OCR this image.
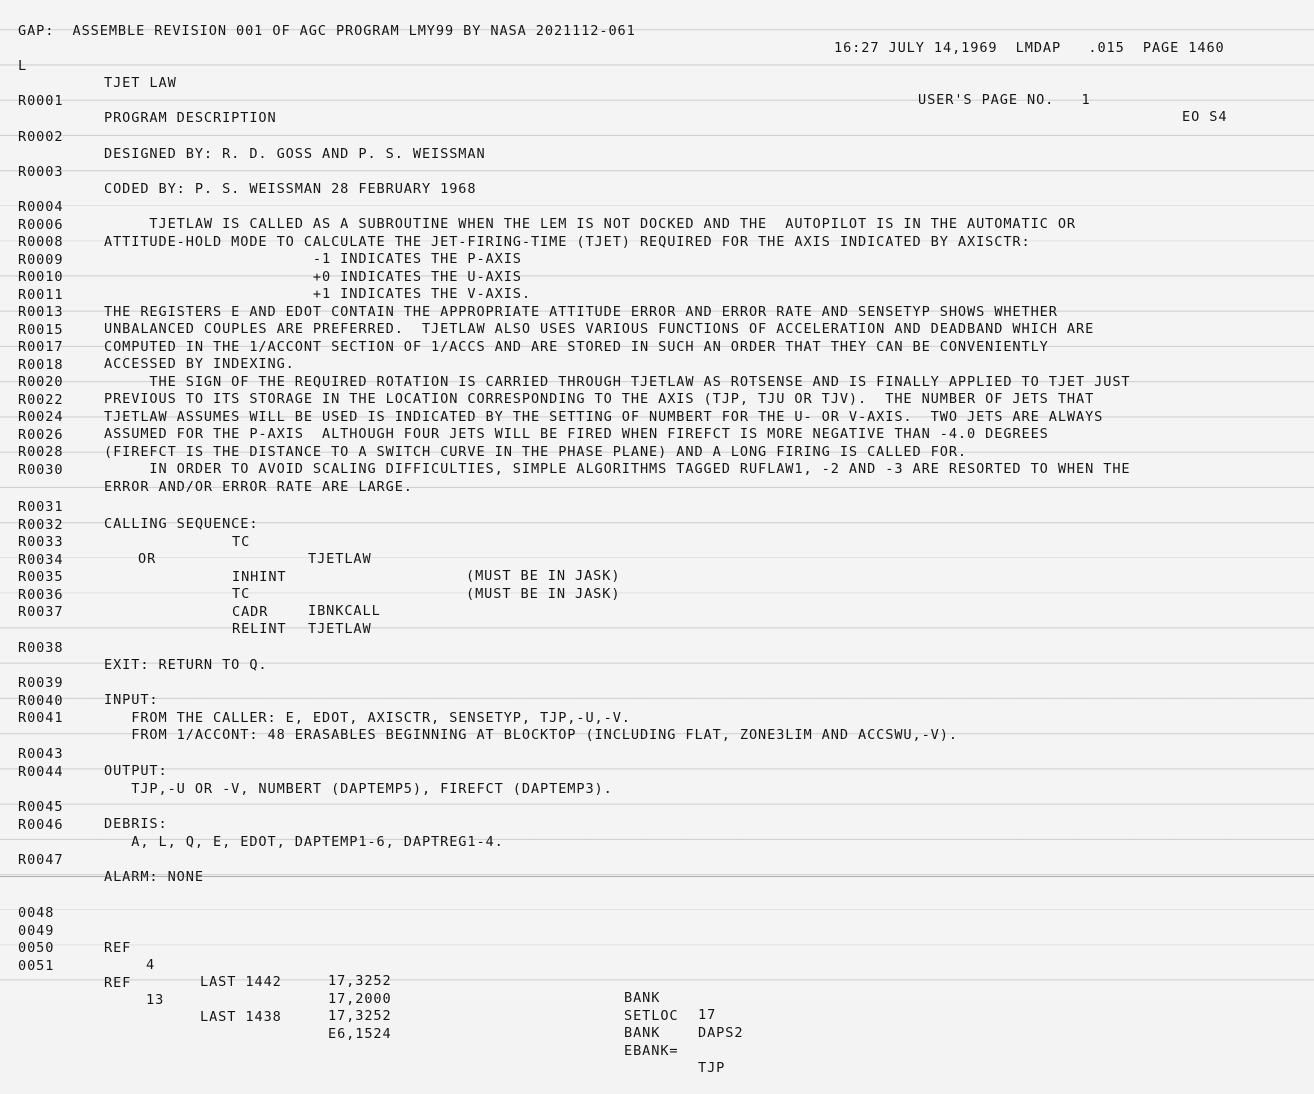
GAP:  ASSEMBLE REVISION 001 OF AGC PROGRAM LMY99 BY NASA 2021112-061

16:27 JULY 14,1969  LMDAP   .015  PAGE 1460

L

TJET LAW

USER'S PAGE NO.   1

EO S4

R0001

PROGRAM DESCRIPTION

R0002

DESIGNED BY: R. D. GOSS AND P. S. WEISSMAN

R0003

CODED BY: P. S. WEISSMAN 28 FEBRUARY 1968

R0004

TJETLAW IS CALLED AS A SUBROUTINE WHEN THE LEM IS NOT DOCKED AND THE  AUTOPILOT IS IN THE AUTOMATIC OR

R0006

ATTITUDE-HOLD MODE TO CALCULATE THE JET-FIRING-TIME (TJET) REQUIRED FOR THE AXIS INDICATED BY AXISCTR:

R0008

-1 INDICATES THE P-AXIS

R0009

+0 INDICATES THE U-AXIS

R0010

+1 INDICATES THE V-AXIS.

R0011

THE REGISTERS E AND EDOT CONTAIN THE APPROPRIATE ATTITUDE ERROR AND ERROR RATE AND SENSETYP SHOWS WHETHER

R0013

UNBALANCED COUPLES ARE PREFERRED.  TJETLAW ALSO USES VARIOUS FUNCTIONS OF ACCELERATION AND DEADBAND WHICH ARE

R0015

COMPUTED IN THE 1/ACCONT SECTION OF 1/ACCS AND ARE STORED IN SUCH AN ORDER THAT THEY CAN BE CONVENIENTLY

R0017

ACCESSED BY INDEXING.

R0018

THE SIGN OF THE REQUIRED ROTATION IS CARRIED THROUGH TJETLAW AS ROTSENSE AND IS FINALLY APPLIED TO TJET JUST

R0020

PREVIOUS TO ITS STORAGE IN THE LOCATION CORRESPONDING TO THE AXIS (TJP, TJU OR TJV).  THE NUMBER OF JETS THAT

R0022

TJETLAW ASSUMES WILL BE USED IS INDICATED BY THE SETTING OF NUMBERT FOR THE U- OR V-AXIS.  TWO JETS ARE ALWAYS

R0024

ASSUMED FOR THE P-AXIS  ALTHOUGH FOUR JETS WILL BE FIRED WHEN FIREFCT IS MORE NEGATIVE THAN -4.0 DEGREES

R0026

(FIREFCT IS THE DISTANCE TO A SWITCH CURVE IN THE PHASE PLANE) AND A LONG FIRING IS CALLED FOR.

R0028

IN ORDER TO AVOID SCALING DIFFICULTIES, SIMPLE ALGORITHMS TAGGED RUFLAW1, -2 AND -3 ARE RESORTED TO WHEN THE

R0030

ERROR AND/OR ERROR RATE ARE LARGE.

R0031

CALLING SEQUENCE:

R0032

TC

TJETLAW

(MUST BE IN JASK)

R0033

OR

R0034

INHINT

(MUST BE IN JASK)

R0035

TC

IBNKCALL

R0036

CADR

TJETLAW

R0037

RELINT

R0038

EXIT: RETURN TO Q.

R0039

INPUT:

R0040

FROM THE CALLER: E, EDOT, AXISCTR, SENSETYP, TJP,-U,-V.

R0041

FROM 1/ACCONT: 48 ERASABLES BEGINNING AT BLOCKTOP (INCLUDING FLAT, ZONE3LIM AND ACCSWU,-V).

R0043

OUTPUT:

R0044

TJP,-U OR -V, NUMBERT (DAPTEMP5), FIREFCT (DAPTEMP3).

R0045

DEBRIS:

R0046

A, L, Q, E, EDOT, DAPTEMP1-6, DAPTREG1-4.

R0047

ALARM: NONE

0048

17,3252

BANK

17

0049

REF

4

LAST 1442

17,2000

SETLOC

DAPS2

0050

17,3252

BANK

0051

REF

13

LAST 1438

E6,1524

EBANK=

TJP
